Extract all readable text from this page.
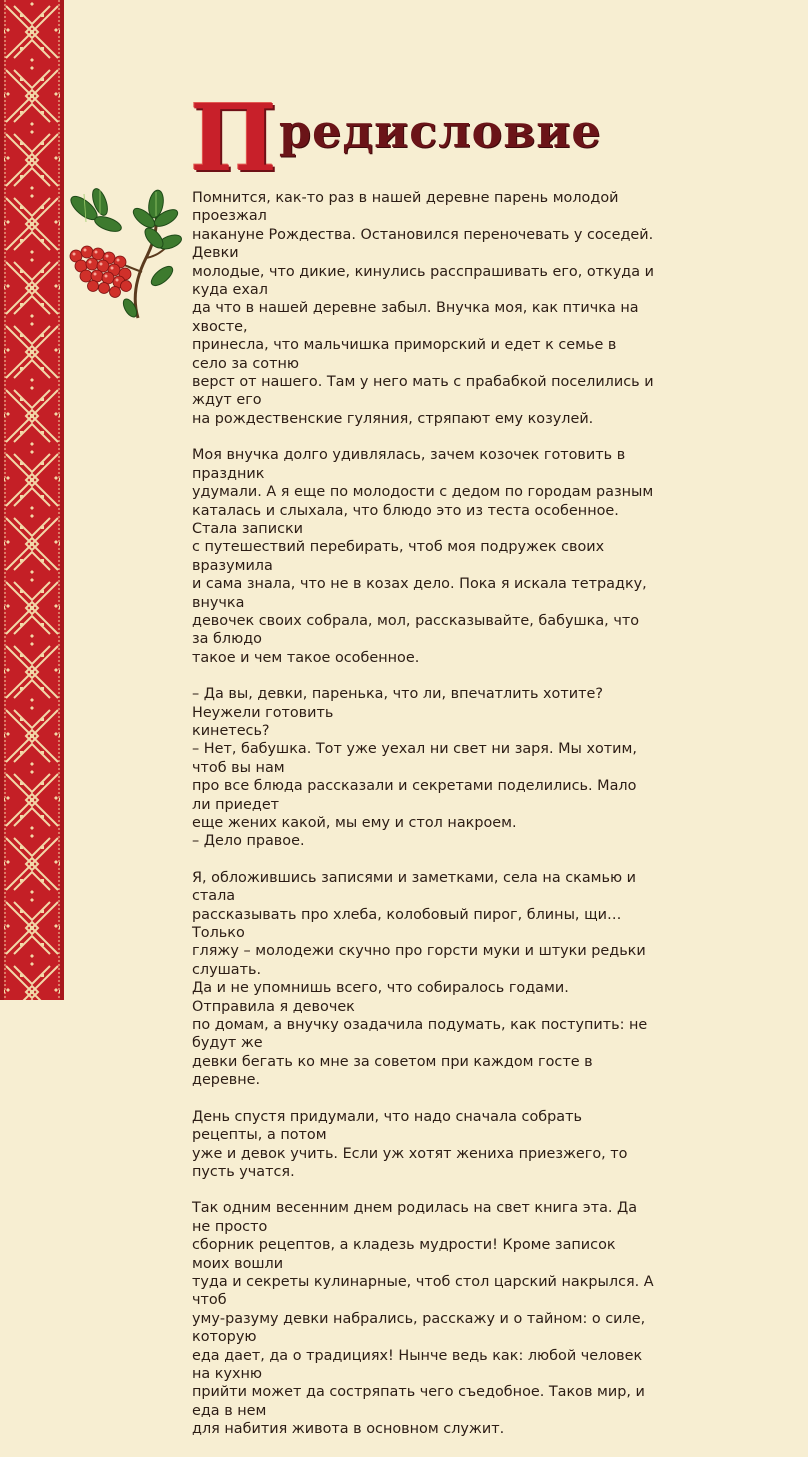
П редисловие

Помнится, как-то раз в нашей деревне парень молодой проезжал
накануне Рождества. Остановился переночевать у соседей. Девки
молодые, что дикие, кинулись расспрашивать его, откуда и куда ехал
да что в нашей деревне забыл. Внучка моя, как птичка на хвосте,
принесла, что мальчишка приморский и едет к семье в село за сотню
верст от нашего. Там у него мать с прабабкой поселились и ждут его
на рождественские гуляния, стряпают ему козулей.

Моя внучка долго удивлялась, зачем козочек готовить в праздник
удумали. А я еще по молодости с дедом по городам разным
каталась и слыхала, что блюдо это из теста особенное. Стала записки
с путешествий перебирать, чтоб моя подружек своих вразумила
и сама знала, что не в козах дело. Пока я искала тетрадку, внучка
девочек своих собрала, мол, рассказывайте, бабушка, что за блюдо
такое и чем такое особенное.

– Да вы, девки, паренька, что ли, впечатлить хотите? Неужели готовить
кинетесь?

– Нет, бабушка. Тот уже уехал ни свет ни заря. Мы хотим, чтоб вы нам
про все блюда рассказали и секретами поделились. Мало ли приедет
еще жених какой, мы ему и стол накроем.

– Дело правое.

Я, обложившись записями и заметками, села на скамью и стала
рассказывать про хлеба, колобовый пирог, блины, щи… Только
гляжу – молодежи скучно про горсти муки и штуки редьки слушать.
Да и не упомнишь всего, что собиралось годами. Отправила я девочек
по домам, а внучку озадачила подумать, как поступить: не будут же
девки бегать ко мне за советом при каждом госте в деревне.

День спустя придумали, что надо сначала собрать рецепты, а потом
уже и девок учить. Если уж хотят жениха приезжего, то пусть учатся.

Так одним весенним днем родилась на свет книга эта. Да не просто
сборник рецептов, а кладезь мудрости! Кроме записок моих вошли
туда и секреты кулинарные, чтоб стол царский накрылся. А чтоб
уму-разуму девки набрались, расскажу и о тайном: о силе, которую
еда дает, да о традициях! Нынче ведь как: любой человек на кухню
прийти может да состряпать чего съедобное. Таков мир, и еда в нем
для набития живота в основном служит.
